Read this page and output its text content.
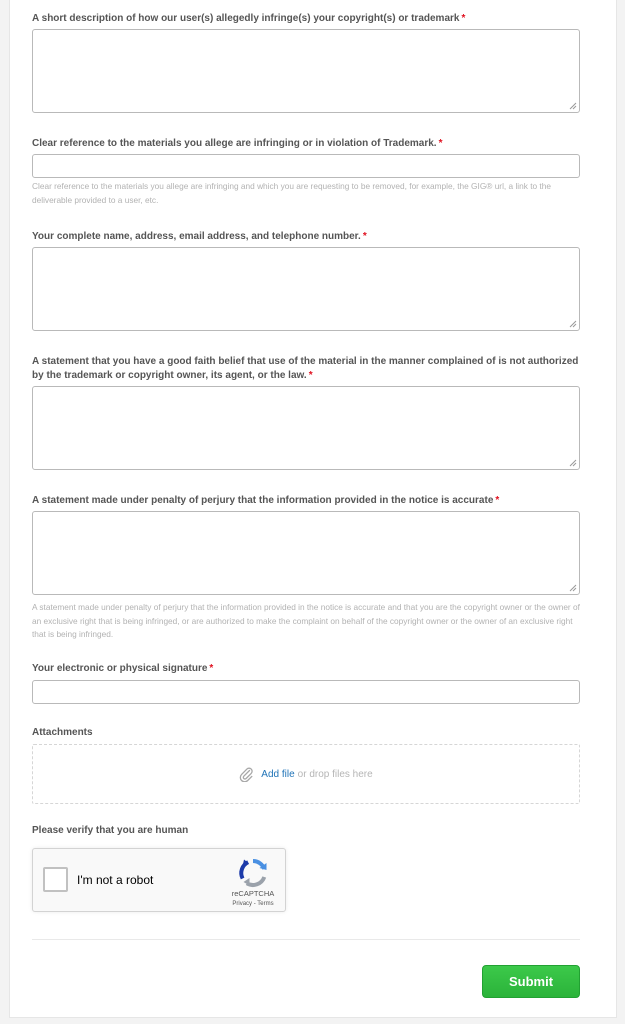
A short description of how our user(s) allegedly infringe(s) your copyright(s) or trademark *
Clear reference to the materials you allege are infringing or in violation of Trademark. *
Clear reference to the materials you allege are infringing and which you are requesting to be removed, for example, the GIG® url, a link to the deliverable provided to a user, etc.
Your complete name, address, email address, and telephone number. *
A statement that you have a good faith belief that use of the material in the manner complained of is not authorized by the trademark or copyright owner, its agent, or the law. *
A statement made under penalty of perjury that the information provided in the notice is accurate *
A statement made under penalty of perjury that the information provided in the notice is accurate and that you are the copyright owner or the owner of an exclusive right that is being infringed, or are authorized to make the complaint on behalf of the copyright owner or the owner of an exclusive right that is being infringed.
Your electronic or physical signature *
Attachments
Add file or drop files here
Please verify that you are human
I'm not a robot
reCAPTCHA
Privacy - Terms
Submit
